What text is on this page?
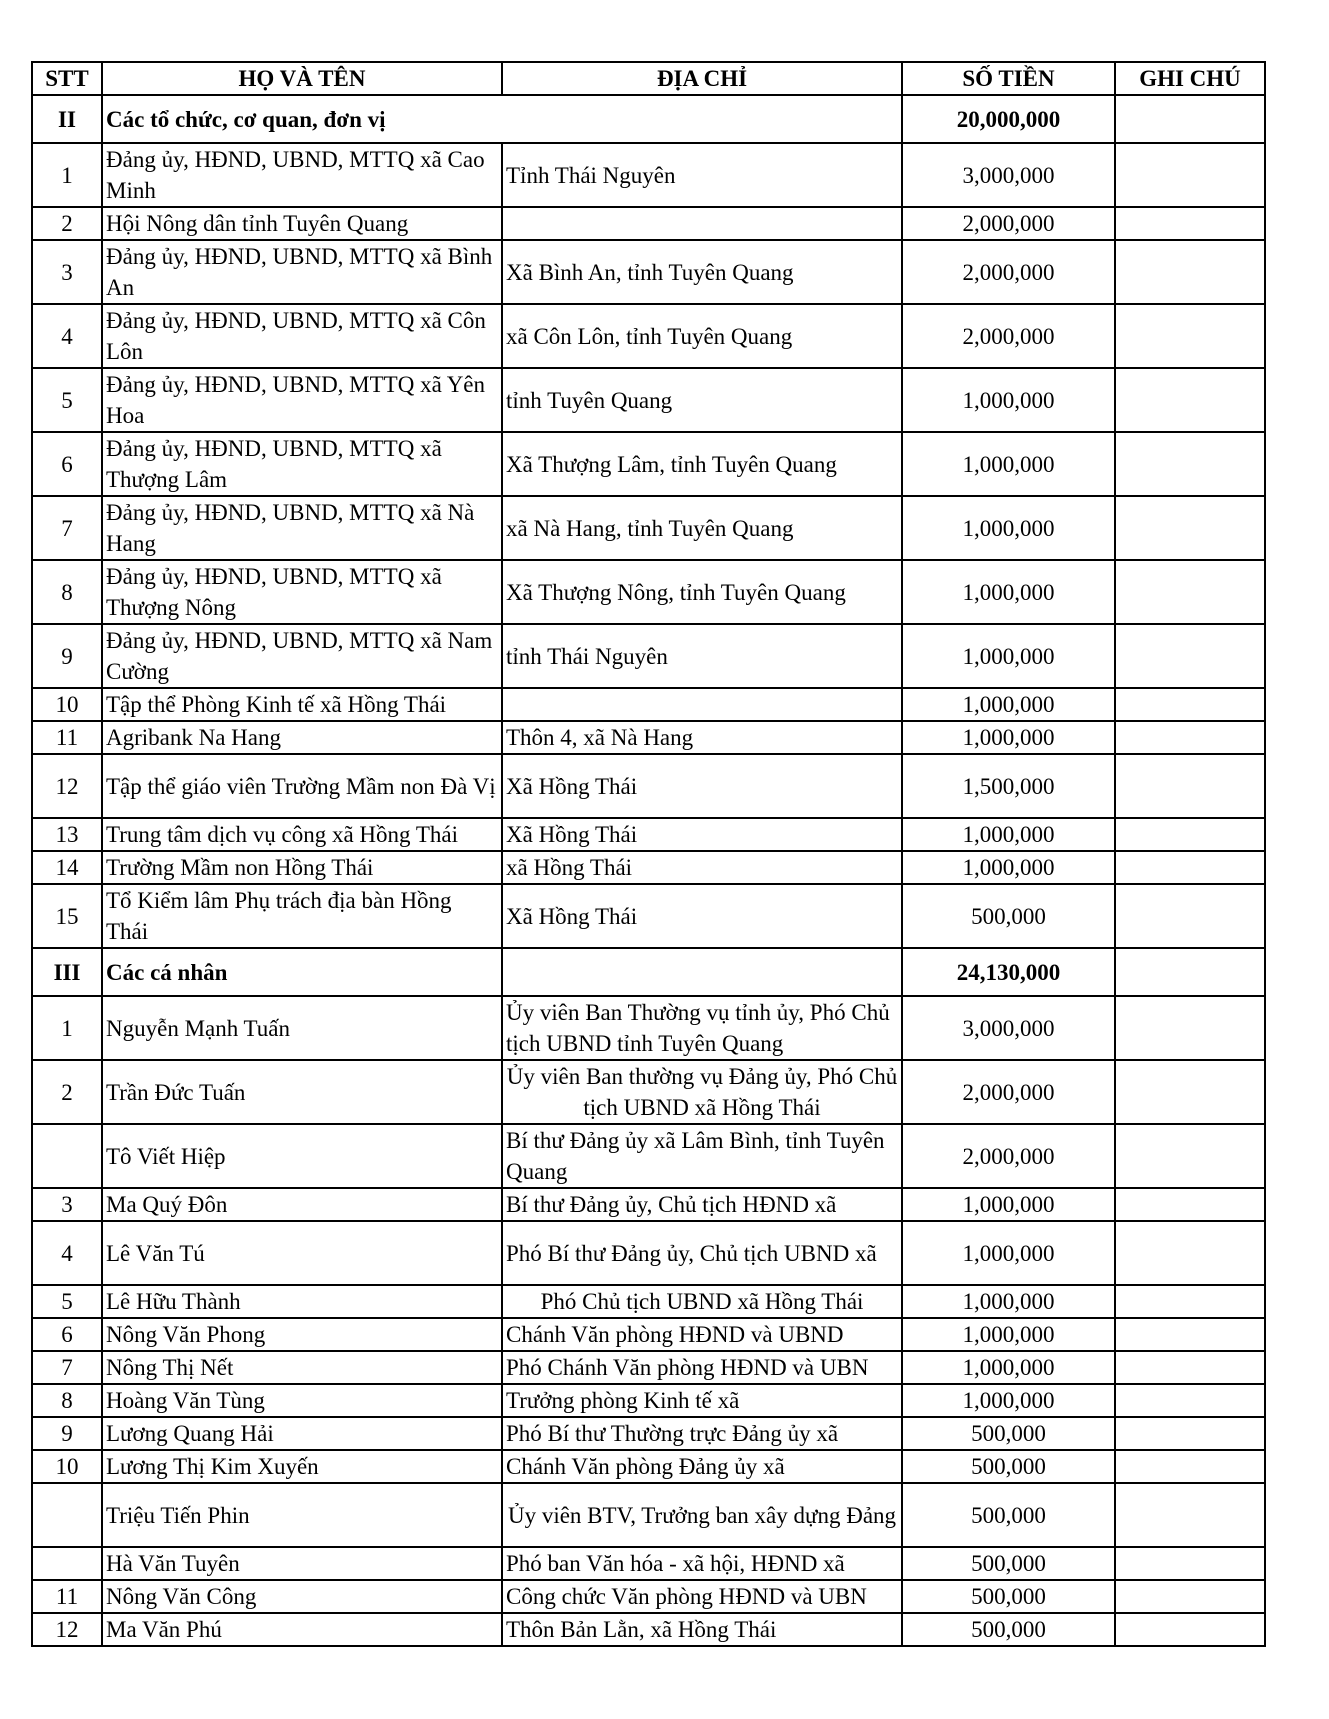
STT	HỌ VÀ TÊN	ĐỊA CHỈ	SỐ TIỀN	GHI CHÚ
II	Các tổ chức, cơ quan, đơn vị		20,000,000	
1	Đảng ủy, HĐND, UBND, MTTQ xã Cao Minh	Tỉnh Thái Nguyên	3,000,000	
2	Hội Nông dân tỉnh Tuyên Quang		2,000,000	
3	Đảng ủy, HĐND, UBND, MTTQ xã Bình An	Xã Bình An, tỉnh Tuyên Quang	2,000,000	
4	Đảng ủy, HĐND, UBND, MTTQ xã Côn Lôn	xã Côn Lôn, tỉnh Tuyên Quang	2,000,000	
5	Đảng ủy, HĐND, UBND, MTTQ xã Yên Hoa	tỉnh Tuyên Quang	1,000,000	
6	Đảng ủy, HĐND, UBND, MTTQ xã Thượng Lâm	Xã Thượng Lâm, tỉnh Tuyên Quang	1,000,000	
7	Đảng ủy, HĐND, UBND, MTTQ xã Nà Hang	xã Nà Hang, tỉnh Tuyên Quang	1,000,000	
8	Đảng ủy, HĐND, UBND, MTTQ xã Thượng Nông	Xã Thượng Nông, tỉnh Tuyên Quang	1,000,000	
9	Đảng ủy, HĐND, UBND, MTTQ xã Nam Cường	tỉnh Thái Nguyên	1,000,000	
10	Tập thể Phòng Kinh tế xã Hồng Thái		1,000,000	
11	Agribank Na Hang	Thôn 4, xã Nà Hang	1,000,000	
12	Tập thể giáo viên Trường Mầm non Đà Vị	Xã Hồng Thái	1,500,000	
13	Trung tâm dịch vụ công xã Hồng Thái	Xã Hồng Thái	1,000,000	
14	Trường Mầm non Hồng Thái	xã Hồng Thái	1,000,000	
15	Tổ Kiểm lâm Phụ trách địa bàn Hồng Thái	Xã Hồng Thái	500,000	
III	Các cá nhân		24,130,000	
1	Nguyễn Mạnh Tuấn	Ủy viên Ban Thường vụ tỉnh ủy, Phó Chủ tịch UBND tỉnh Tuyên Quang	3,000,000	
2	Trần Đức Tuấn	Ủy viên Ban thường vụ Đảng ủy, Phó Chủ tịch UBND xã Hồng Thái	2,000,000	
	Tô Viết Hiệp	Bí thư Đảng ủy xã Lâm Bình, tỉnh Tuyên Quang	2,000,000	
3	Ma Quý Đôn	Bí thư Đảng ủy, Chủ tịch HĐND xã	1,000,000	
4	Lê Văn Tú	Phó Bí thư Đảng ủy, Chủ tịch UBND xã	1,000,000	
5	Lê Hữu Thành	Phó Chủ tịch UBND xã Hồng Thái	1,000,000	
6	Nông Văn Phong	Chánh Văn phòng HĐND và UBND	1,000,000	
7	Nông Thị Nết	Phó Chánh Văn phòng HĐND và UBN	1,000,000	
8	Hoàng Văn Tùng	Trưởng phòng Kinh tế xã	1,000,000	
9	Lương Quang Hải	Phó Bí thư Thường trực Đảng ủy xã	500,000	
10	Lương Thị Kim Xuyến	Chánh Văn phòng Đảng ủy xã	500,000	
	Triệu Tiến Phin	Ủy viên BTV, Trưởng ban xây dựng Đảng	500,000	
	Hà Văn Tuyên	Phó ban Văn hóa - xã hội, HĐND xã	500,000	
11	Nông Văn Công	Công chức Văn phòng HĐND và UBN	500,000	
12	Ma Văn Phú	Thôn Bản Lằn, xã Hồng Thái	500,000	
